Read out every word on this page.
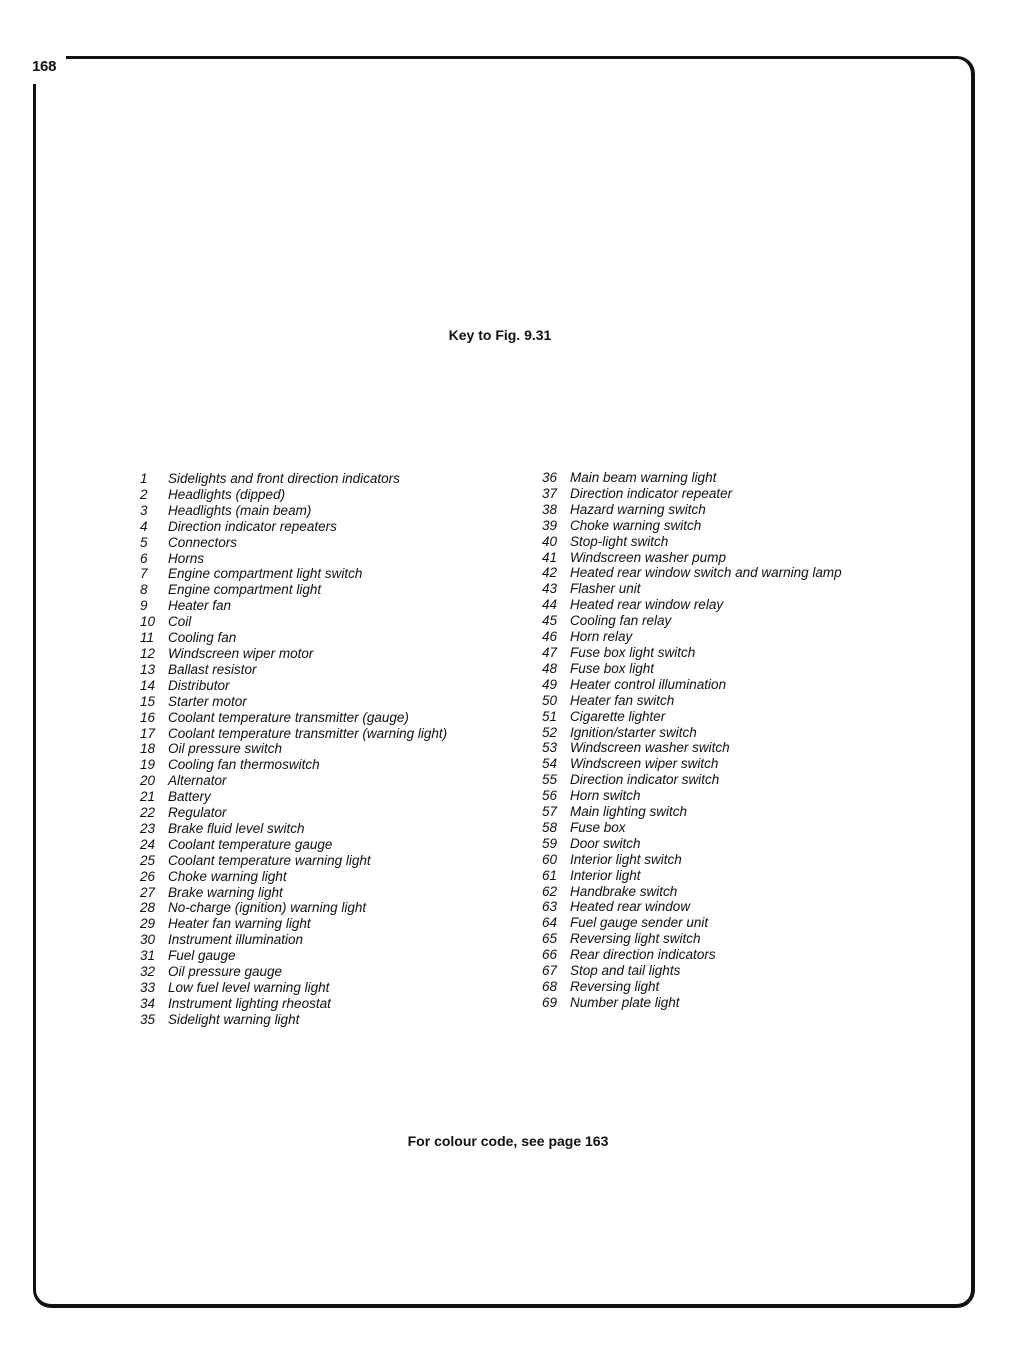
168
Key to Fig. 9.31
1	Sidelights and front direction indicators
2	Headlights (dipped)
3	Headlights (main beam)
4	Direction indicator repeaters
5	Connectors
6	Horns
7	Engine compartment light switch
8	Engine compartment light
9	Heater fan
10 Coil
11	Cooling fan
12 Windscreen wiper motor
13 Ballast resistor
14 Distributor
15 Starter motor
16 Coolant temperature transmitter (gauge)
17 Coolant temperature transmitter (warning light)
18 Oil pressure switch
19 Cooling fan thermoswitch
20 Alternator
21 Battery
22 Regulator
23 Brake fluid level switch
24 Coolant temperature gauge
25 Coolant temperature warning light
26 Choke warning light
27 Brake warning light
28 No-charge (ignition) warning light
29 Heater fan warning light
30 Instrument illumination
31 Fuel gauge
32 Oil pressure gauge
33 Low fuel level warning light
34 Instrument lighting rheostat
35 Sidelight warning light
36 Main beam warning light
37 Direction indicator repeater
38 Hazard warning switch
39 Choke warning switch
40 Stop-light switch
41 Windscreen washer pump
42 Heated rear window switch and warning lamp
43 Flasher unit
44 Heated rear window relay
45 Cooling fan relay
46 Horn relay
47 Fuse box light switch
48 Fuse box light
49 Heater control illumination
50 Heater fan switch
51 Cigarette lighter
52 Ignition/starter switch
53 Windscreen washer switch
54 Windscreen wiper switch
55 Direction indicator switch
56 Horn switch
57 Main lighting switch
58 Fuse box
59 Door switch
60 Interior light switch
61 Interior light
62 Handbrake switch
63 Heated rear window
64 Fuel gauge sender unit
65 Reversing light switch
66 Rear direction indicators
67 Stop and tail lights
68 Reversing light
69 Number plate light
For colour code, see page 163
